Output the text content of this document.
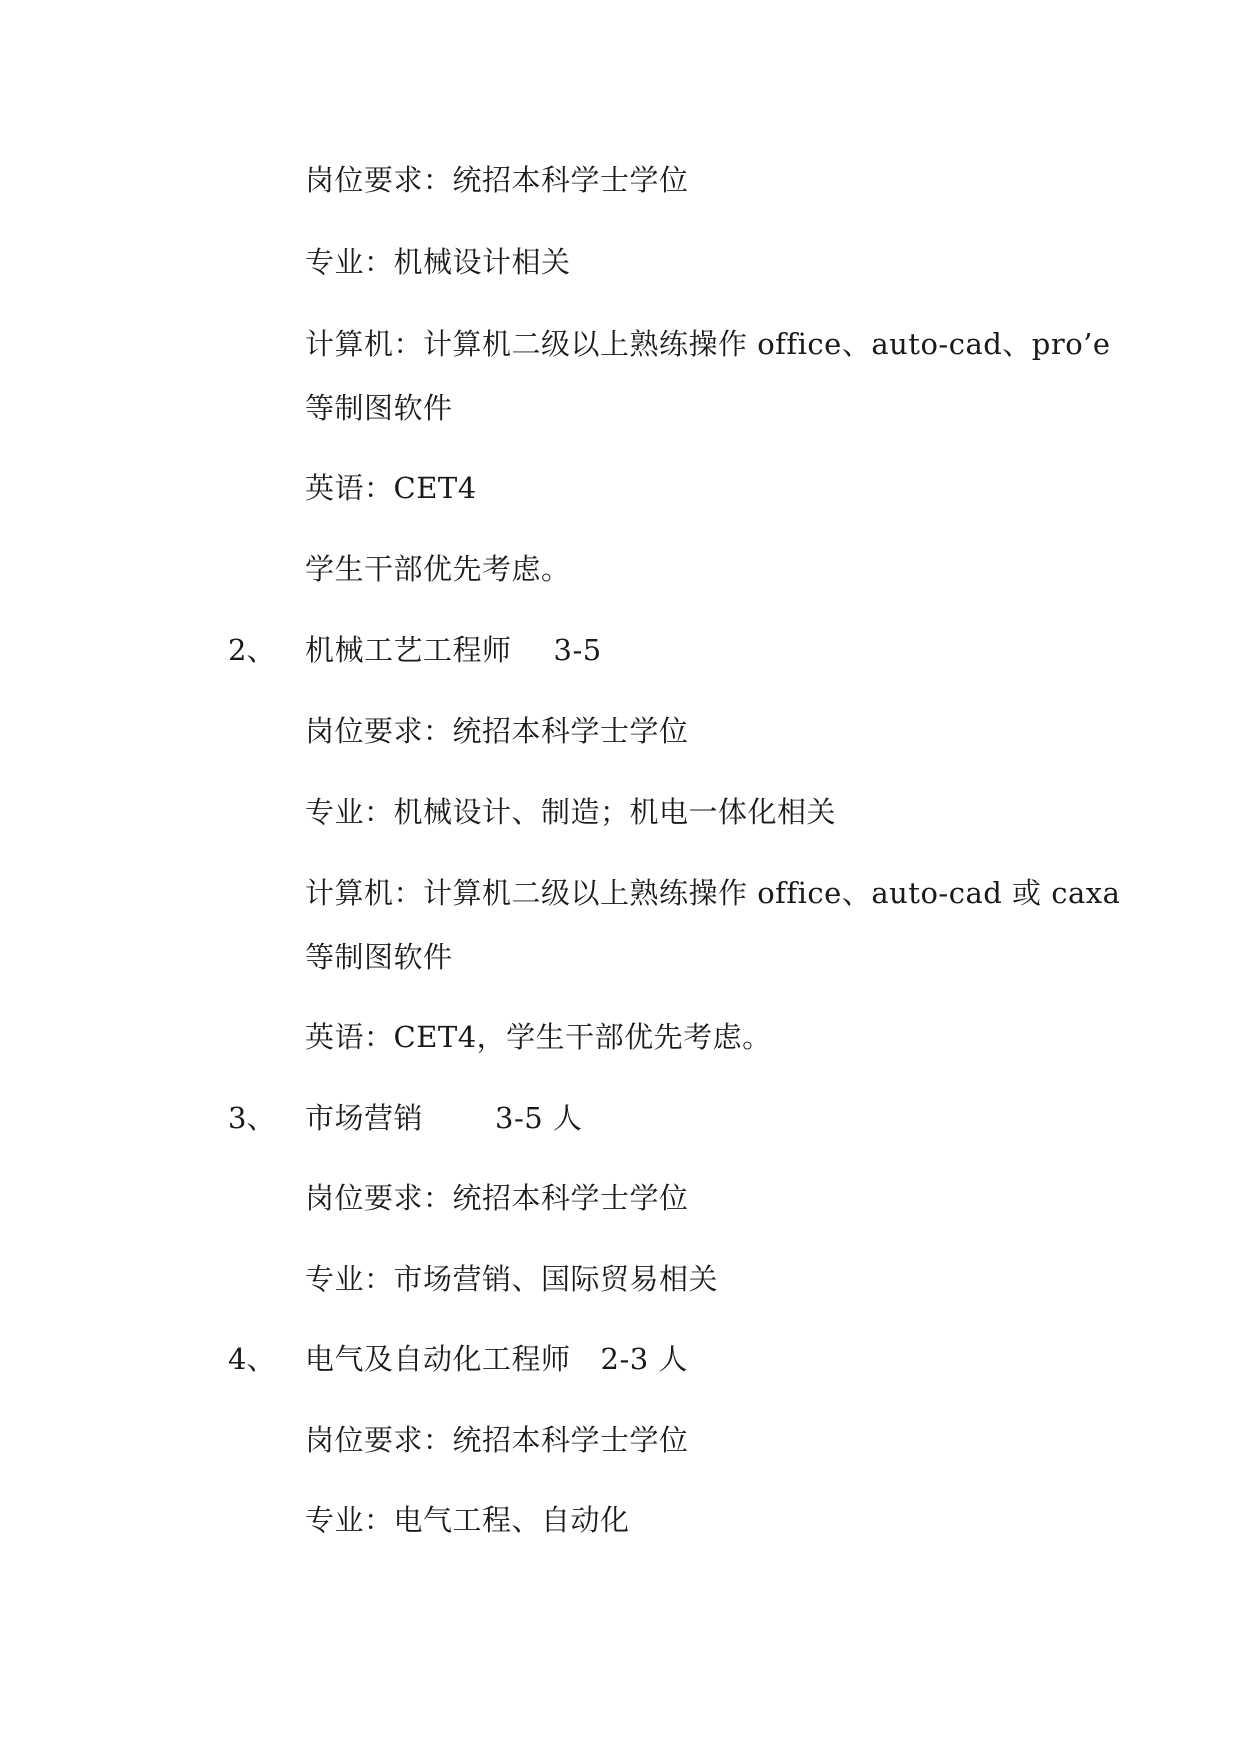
岗位要求：统招本科学士学位
专业：机械设计相关
计算机：计算机二级以上熟练操作 office、auto-cad、pro’e
等制图软件
英语：CET4
学生干部优先考虑。
2、 机械工艺工程师 3-5
岗位要求：统招本科学士学位
专业：机械设计、制造；机电一体化相关
计算机：计算机二级以上熟练操作 office、auto-cad 或 caxa
等制图软件
英语：CET4，学生干部优先考虑。
3、 市场营销 3-5 人
岗位要求：统招本科学士学位
专业：市场营销、国际贸易相关
4、 电气及自动化工程师 2-3 人
岗位要求：统招本科学士学位
专业：电气工程、自动化
